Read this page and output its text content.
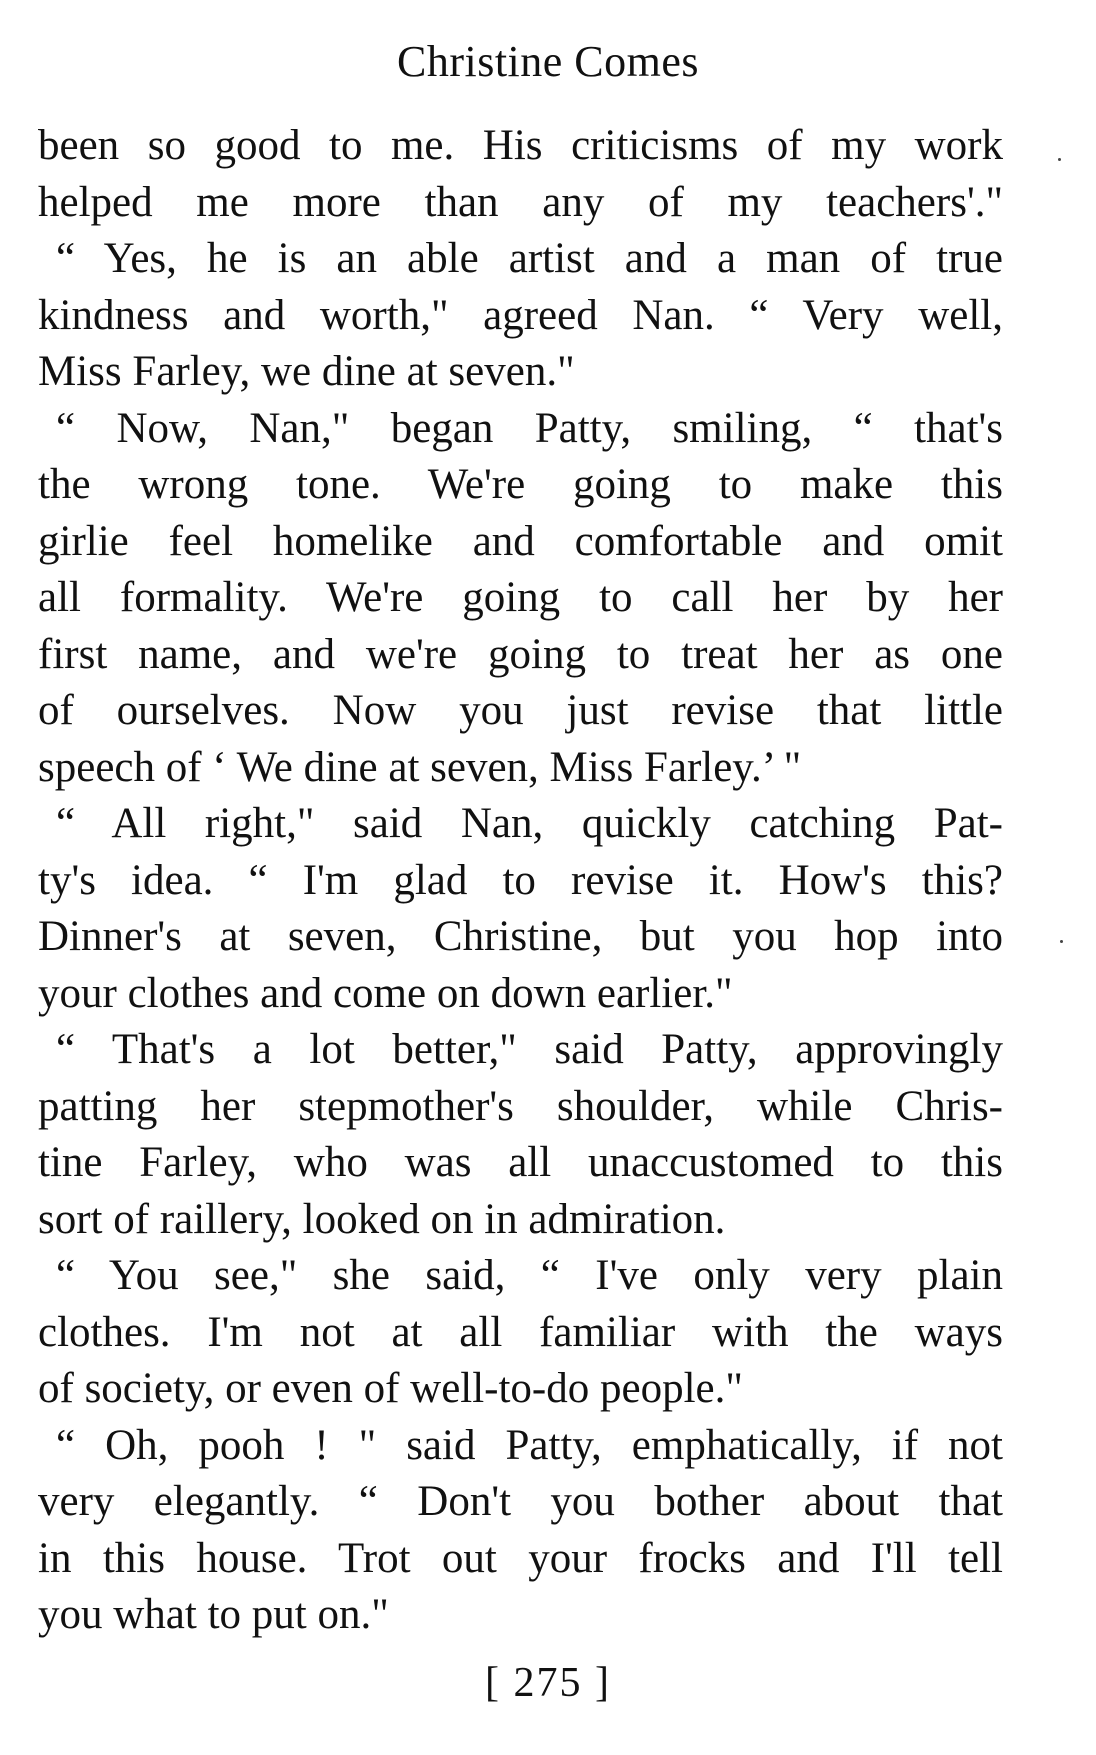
Christine Comes
been so good to me. His criticisms of my work
helped me more than any of my teachers'."
“ Yes, he is an able artist and a man of true
kindness and worth," agreed Nan. “ Very well,
Miss Farley, we dine at seven."
“ Now, Nan," began Patty, smiling, “ that's
the wrong tone. We're going to make this
girlie feel homelike and comfortable and omit
all formality. We're going to call her by her
first name, and we're going to treat her as one
of ourselves. Now you just revise that little
speech of ‘ We dine at seven, Miss Farley.’ "
“ All right," said Nan, quickly catching Pat-
ty's idea. “ I'm glad to revise it. How's this?
Dinner's at seven, Christine, but you hop into
your clothes and come on down earlier."
“ That's a lot better," said Patty, approvingly
patting her stepmother's shoulder, while Chris-
tine Farley, who was all unaccustomed to this
sort of raillery, looked on in admiration.
“ You see," she said, “ I've only very plain
clothes. I'm not at all familiar with the ways
of society, or even of well-to-do people."
“ Oh, pooh ! " said Patty, emphatically, if not
very elegantly. “ Don't you bother about that
in this house. Trot out your frocks and I'll tell
you what to put on."
[ 275 ]
